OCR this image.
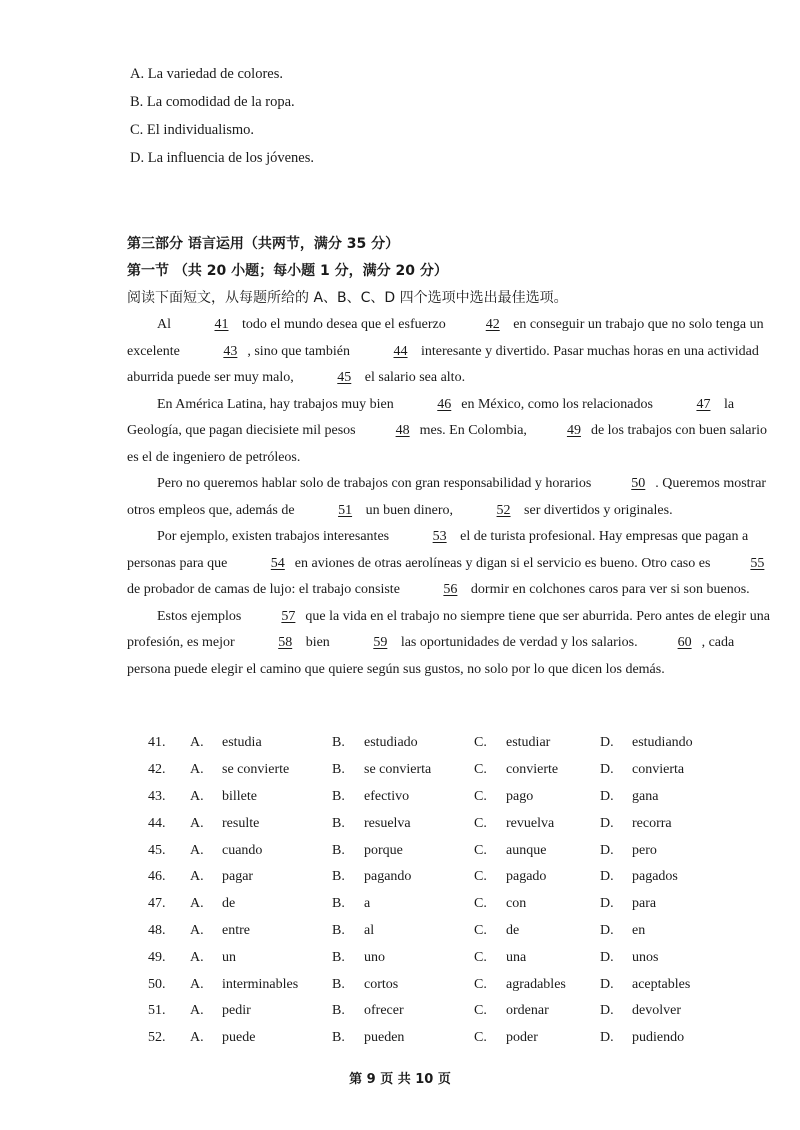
A. La variedad de colores.
B. La comodidad de la ropa.
C. El individualismo.
D. La influencia de los jóvenes.
第三部分 语言运用（共两节，满分 35 分）
第一节 （共 20 小题；每小题 1 分，满分 20 分）
阅读下面短文，从每题所给的 A、B、C、D 四个选项中选出最佳选项。

Al	41 todo el mundo desea que el esfuerzo	42 en conseguir un trabajo que no solo tenga un excelente	43 , sino que también	44 interesante y divertido. Pasar muchas horas en una actividad aburrida puede ser muy malo,	45 el salario sea alto.

En América Latina, hay trabajos muy bien	46 en México, como los relacionados	47 la Geología, que pagan diecisiete mil pesos	48 mes. En Colombia,	49 de los trabajos con buen salario es el de ingeniero de petróleos.

Pero no queremos hablar solo de trabajos con gran responsabilidad y horarios	50 . Queremos mostrar otros empleos que, además de	51 un buen dinero,	52 ser divertidos y originales.

Por ejemplo, existen trabajos interesantes	53 el de turista profesional. Hay empresas que pagan a personas para que	54 en aviones de otras aerolíneas y digan si el servicio es bueno. Otro caso es	55de probador de camas de lujo: el trabajo consiste	56 dormir en colchones caros para ver si son buenos.

Estos ejemplos	57 que la vida en el trabajo no siempre tiene que ser aburrida. Pero antes de elegir una profesión, es mejor	58 bien	59 las oportunidades de verdad y los salarios.	60 , cada persona puede elegir el camino que quiere según sus gustos, no solo por lo que dicen los demás.

41.	A.	estudia	B.	estudiado	C.	estudiar	D.	estudiando
42.	A.	se convierte	B.	se convierta	C.	convierte	D.	convierta
43.	A.	billete	B.	efectivo	C.	pago	D.	gana
44.	A.	resulte	B.	resuelva	C.	revuelva	D.	recorra
45.	A.	cuando	B.	porque	C.	aunque	D.	pero
46.	A.	pagar	B.	pagando	C.	pagado	D.	pagados
47.	A.	de	B.	a	C.	con	D.	para
48.	A.	entre	B.	al	C.	de	D.	en
49.	A.	un	B.	uno	C.	una	D.	unos
50.	A.	interminables	B.	cortos	C.	agradables	D.	aceptables
51.	A.	pedir	B.	ofrecer	C.	ordenar	D.	devolver
52.	A.	puede	B.	pueden	C.	poder	D.	pudiendo
第 9 页 共 10 页
